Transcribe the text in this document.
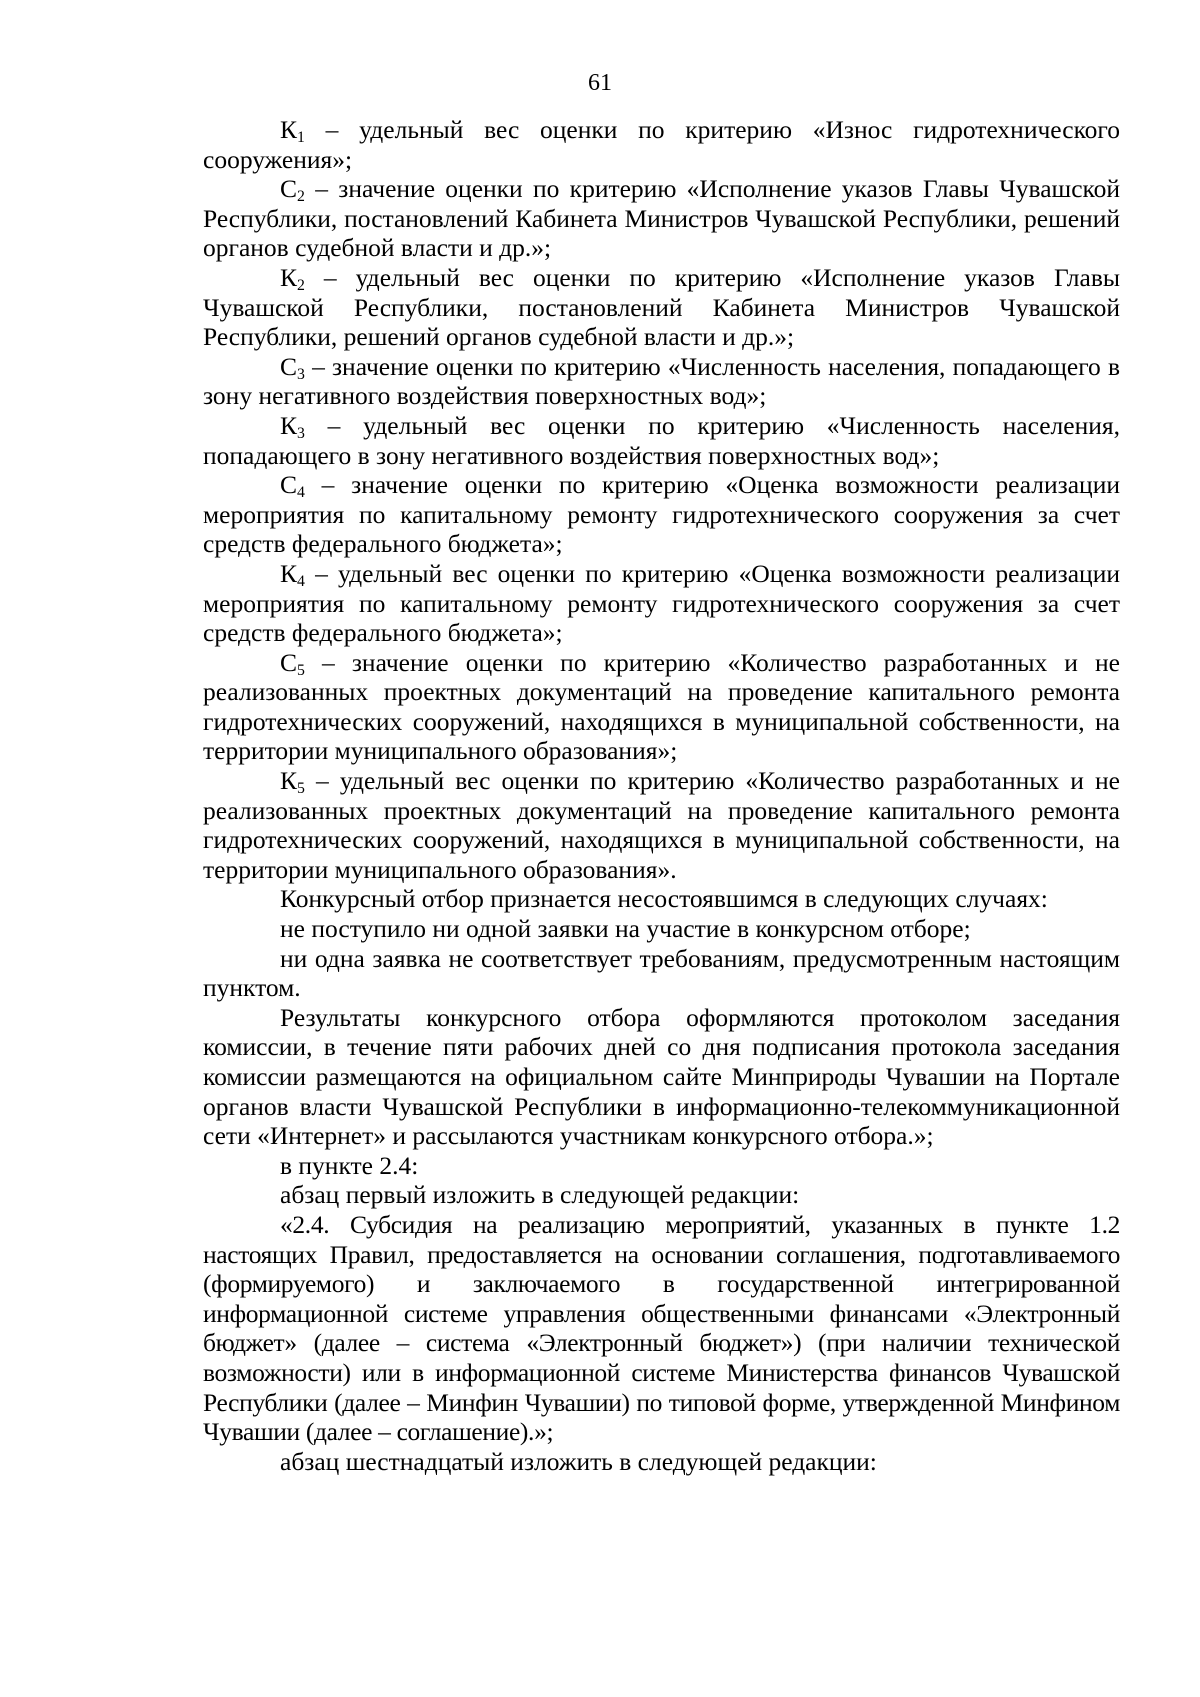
61

$К_1$ – удельный вес оценки по критерию «Износ гидротехнического сооружения»;

$С_2$ – значение оценки по критерию «Исполнение указов Главы Чувашской Республики, постановлений Кабинета Министров Чувашской Республики, решений органов судебной власти и др.»;

$К_2$ – удельный вес оценки по критерию «Исполнение указов Главы Чувашской Республики, постановлений Кабинета Министров Чувашской Республики, решений органов судебной власти и др.»;

$С_3$ – значение оценки по критерию «Численность населения, попадающего в зону негативного воздействия поверхностных вод»;

$К_3$ – удельный вес оценки по критерию «Численность населения, попадающего в зону негативного воздействия поверхностных вод»;

$С_4$ – значение оценки по критерию «Оценка возможности реализации мероприятия по капитальному ремонту гидротехнического сооружения за счет средств федерального бюджета»;

$К_4$ – удельный вес оценки по критерию «Оценка возможности реализации мероприятия по капитальному ремонту гидротехнического сооружения за счет средств федерального бюджета»;

$С_5$ – значение оценки по критерию «Количество разработанных и не реализованных проектных документаций на проведение капитального ремонта гидротехнических сооружений, находящихся в муниципальной собственности, на территории муниципального образования»;

$К_5$ – удельный вес оценки по критерию «Количество разработанных и не реализованных проектных документаций на проведение капитального ремонта гидротехнических сооружений, находящихся в муниципальной собственности, на территории муниципального образования».

Конкурсный отбор признается несостоявшимся в следующих случаях:

не поступило ни одной заявки на участие в конкурсном отборе;

ни одна заявка не соответствует требованиям, предусмотренным настоящим пунктом.

Результаты конкурсного отбора оформляются протоколом заседания комиссии, в течение пяти рабочих дней со дня подписания протокола заседания комиссии размещаются на официальном сайте Минприроды Чувашии на Портале органов власти Чувашской Республики в информационно-телекоммуникационной сети «Интернет» и рассылаются участникам конкурсного отбора.»;

в пункте 2.4:

абзац первый изложить в следующей редакции:

«2.4. Субсидия на реализацию мероприятий, указанных в пункте 1.2 настоящих Правил, предоставляется на основании соглашения, подготавливаемого (формируемого) и заключаемого в государственной интегрированной информационной системе управления общественными финансами «Электронный бюджет» (далее – система «Электронный бюджет») (при наличии технической возможности) или в информационной системе Министерства финансов Чувашской Республики (далее – Минфин Чувашии) по типовой форме, утвержденной Минфином Чувашии (далее – соглашение).»;

абзац шестнадцатый изложить в следующей редакции:
